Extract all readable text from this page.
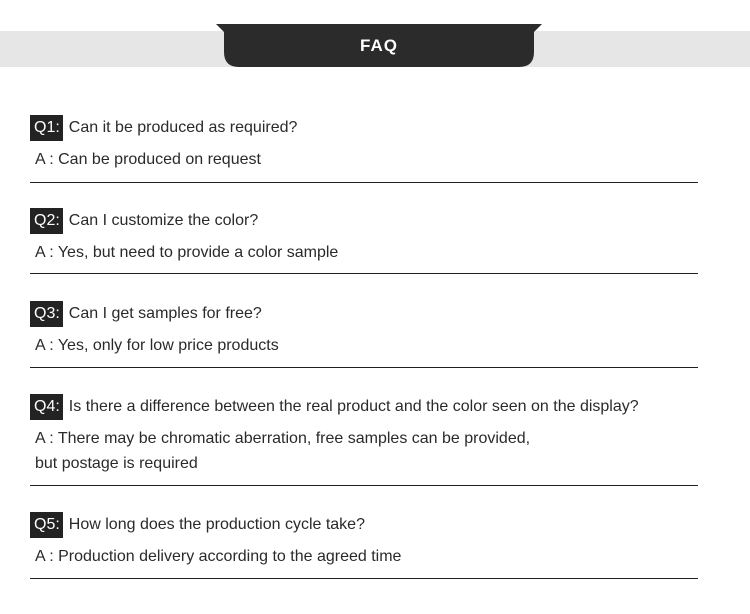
FAQ
Q1: Can it be produced as required?
A : Can be produced on request
Q2: Can I customize the color?
A : Yes, but need to provide a color sample
Q3: Can I get samples for free?
A : Yes, only for low price products
Q4: Is there a difference between the real product and the color seen on the display?
A : There may be chromatic aberration, free samples can be provided,
but postage is required
Q5: How long does the production cycle take?
A : Production delivery according to the agreed time
